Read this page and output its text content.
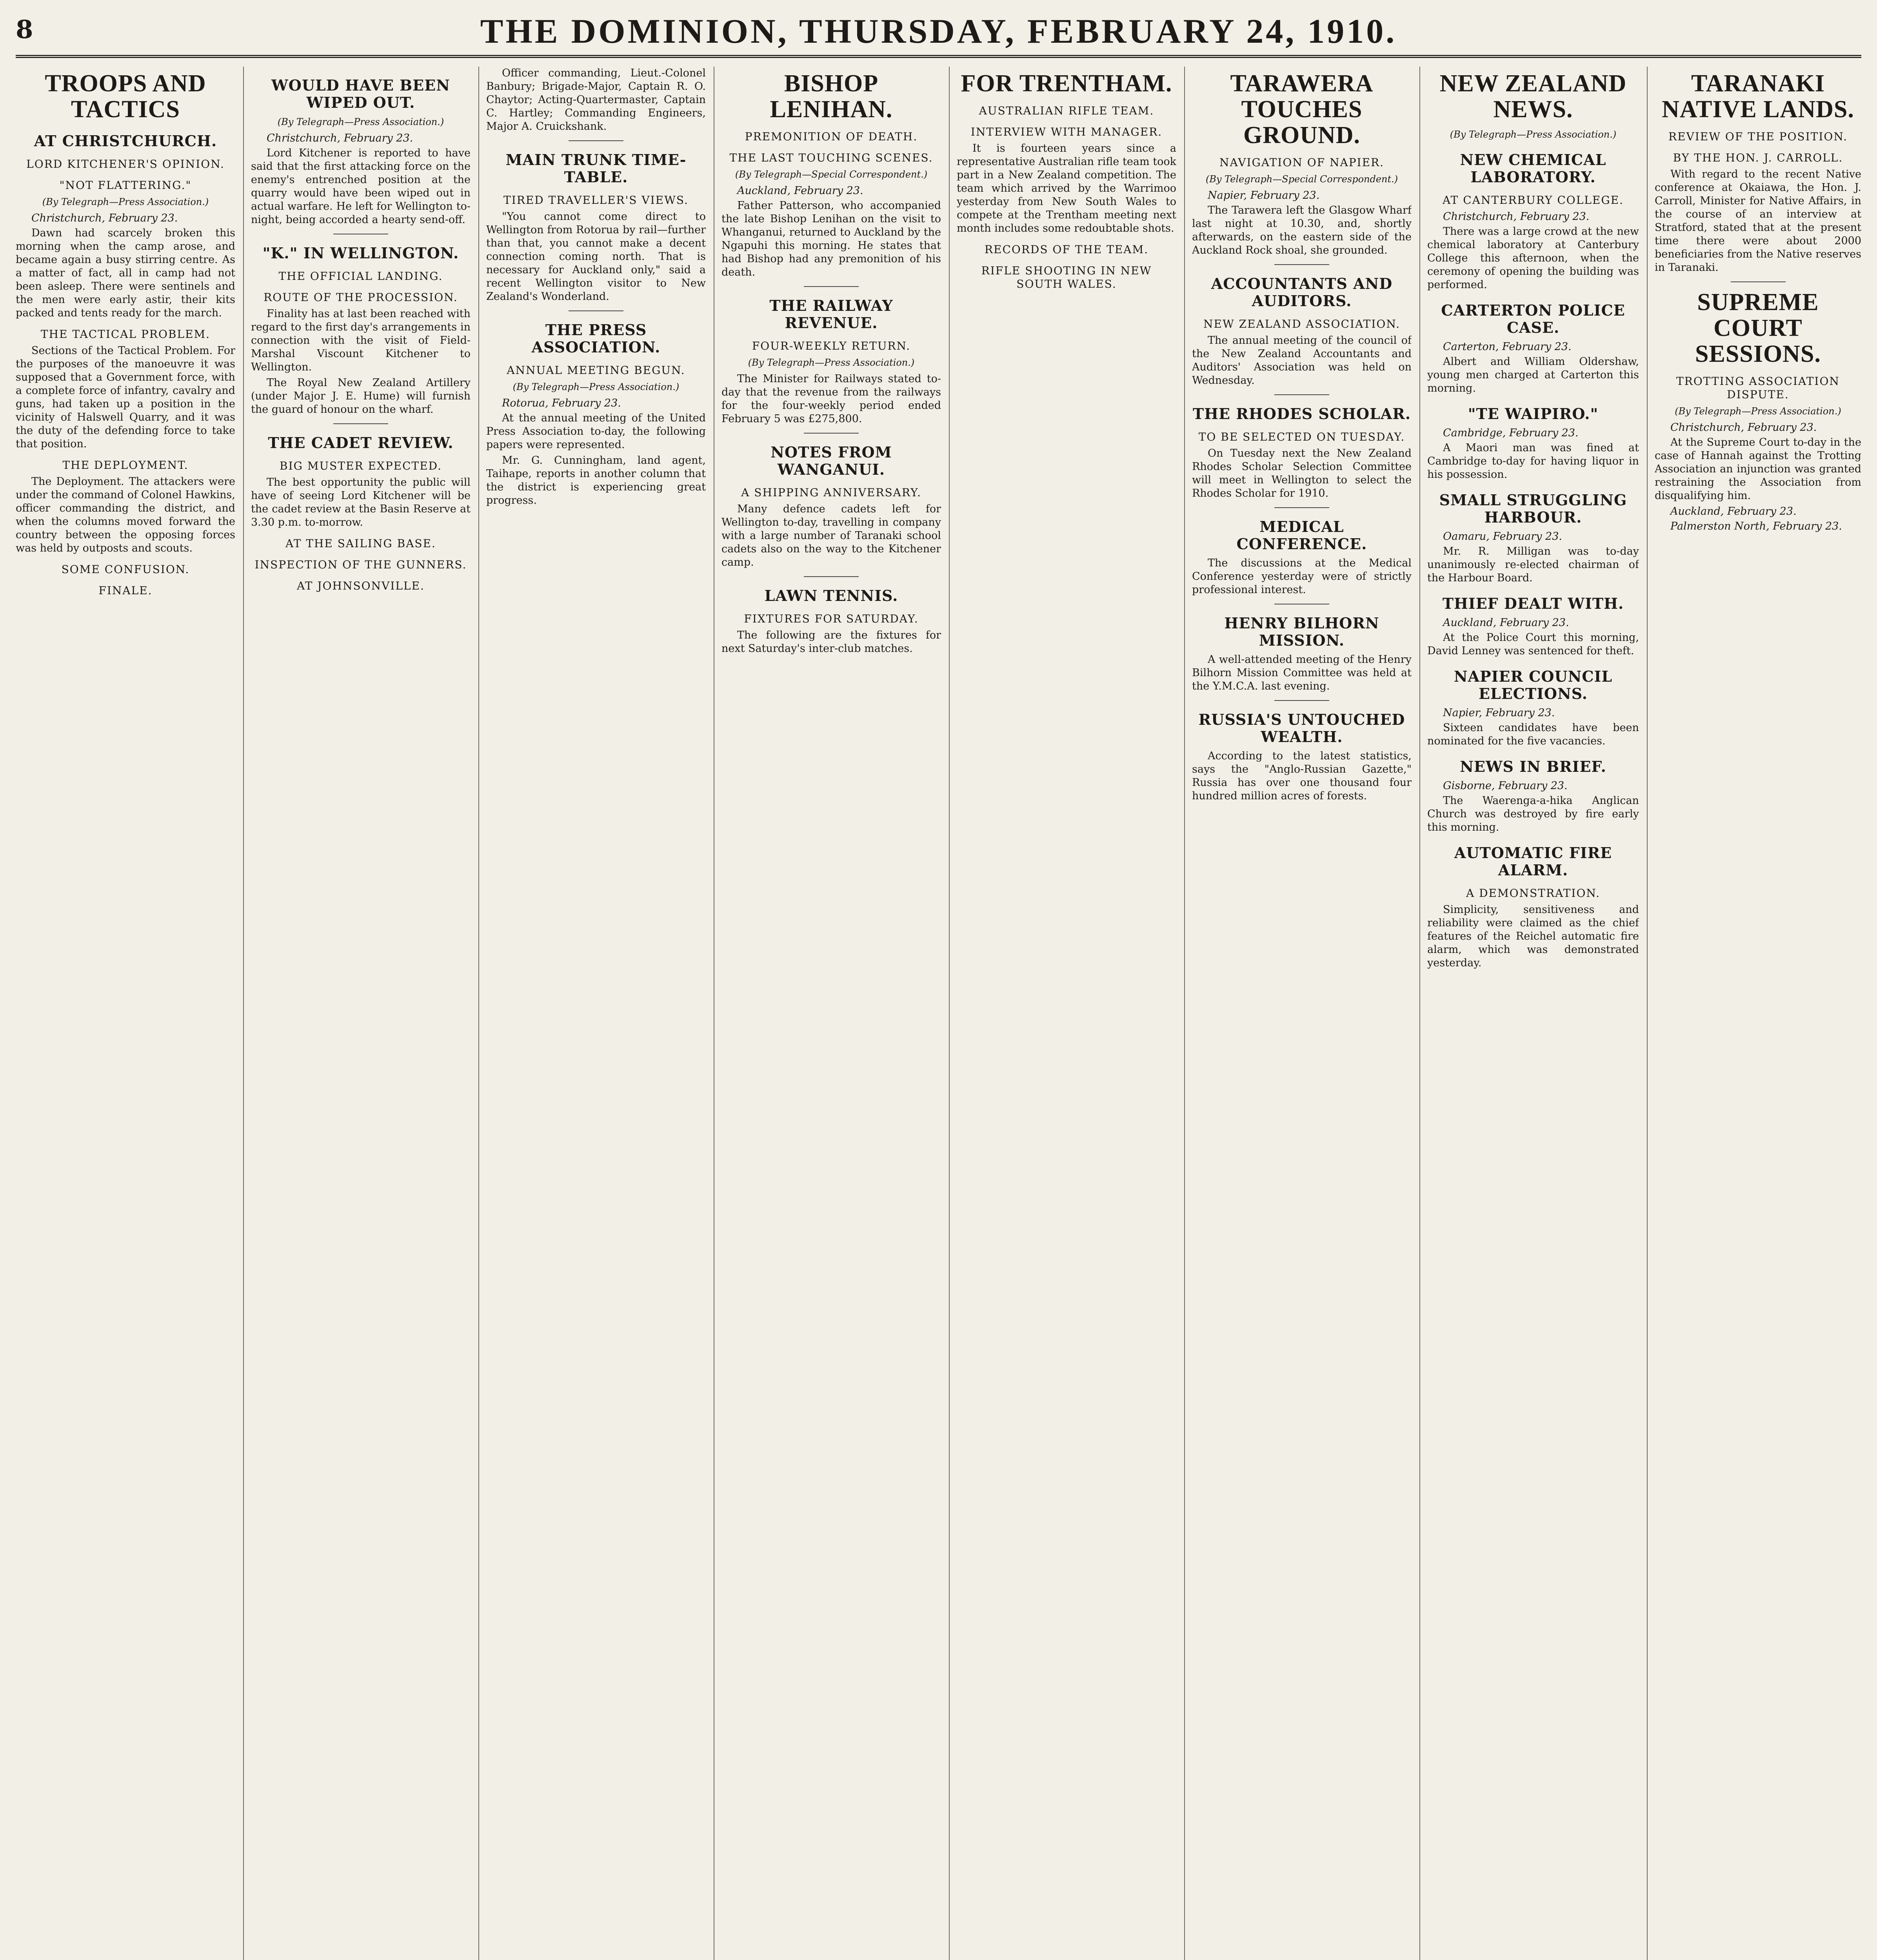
8	THE DOMINION, THURSDAY, FEBRUARY 24, 1910.
TROOPS AND TACTICS
AT CHRISTCHURCH.
LORD KITCHENER'S OPINION.
"NOT FLATTERING."
(By Telegraph—Press Association.)
Christchurch, February 23.

Dawn had scarcely broken this morning when the camp arose, and became again a busy stirring centre. As a matter of fact, all in camp had not been asleep. There were sentinels and the men were early astir, their kits packed and tents ready for the march.

THE TACTICAL PROBLEM.

Sections of the Tactical Problem. For the purposes of the manoeuvre it was supposed that a Government force, with a complete force of infantry, cavalry and guns, had taken up a position in the vicinity of Halswell Quarry, and it was the duty of the defending force to take that position.

THE DEPLOYMENT.

The Deployment. The attackers were under the command of Colonel Hawkins, officer commanding the district, and when the columns moved forward the country between the opposing forces was held by outposts and scouts.

SOME CONFUSION.
FINALE.
WOULD HAVE BEEN WIPED OUT.
(By Telegraph—Press Association.)
Christchurch, February 23.

Lord Kitchener is reported to have said that the first attacking force on the enemy's entrenched position at the quarry would have been wiped out in actual warfare. He left for Wellington to-night, being accorded a hearty send-off.

"K." IN WELLINGTON.
THE OFFICIAL LANDING.
ROUTE OF THE PROCESSION.

Finality has at last been reached with regard to the first day's arrangements in connection with the visit of Field-Marshal Viscount Kitchener to Wellington.

The Royal New Zealand Artillery (under Major J. E. Hume) will furnish the guard of honour on the wharf.

THE CADET REVIEW.
BIG MUSTER EXPECTED.

The best opportunity the public will have of seeing Lord Kitchener will be the cadet review at the Basin Reserve at 3.30 p.m. to-morrow.

AT THE SAILING BASE.
INSPECTION OF THE GUNNERS.
AT JOHNSONVILLE.

Officer commanding, Lieut.-Colonel Banbury; Brigade-Major, Captain R. O. Chaytor; Acting-Quartermaster, Captain C. Hartley; Commanding Engineers, Major A. Cruickshank.

MAIN TRUNK TIME-TABLE.
TIRED TRAVELLER'S VIEWS.

"You cannot come direct to Wellington from Rotorua by rail—further than that, you cannot make a decent connection coming north. That is necessary for Auckland only," said a recent Wellington visitor to New Zealand's Wonderland.

THE PRESS ASSOCIATION.
ANNUAL MEETING BEGUN.
(By Telegraph—Press Association.)
Rotorua, February 23.

At the annual meeting of the United Press Association to-day, the following papers were represented.

Mr. G. Cunningham, land agent, Taihape, reports in another column that the district is experiencing great progress.

BISHOP LENIHAN.
PREMONITION OF DEATH.
THE LAST TOUCHING SCENES.
(By Telegraph—Special Correspondent.)
Auckland, February 23.

Father Patterson, who accompanied the late Bishop Lenihan on the visit to Whanganui, returned to Auckland by the Ngapuhi this morning. He states that had Bishop had any premonition of his death.

THE RAILWAY REVENUE.
FOUR-WEEKLY RETURN.
(By Telegraph—Press Association.)

The Minister for Railways stated to-day that the revenue from the railways for the four-weekly period ended February 5 was £275,800.

NOTES FROM WANGANUI.
A SHIPPING ANNIVERSARY.

Many defence cadets left for Wellington to-day, travelling in company with a large number of Taranaki school cadets also on the way to the Kitchener camp.

LAWN TENNIS.
FIXTURES FOR SATURDAY.

The following are the fixtures for next Saturday's inter-club matches.

FOR TRENTHAM.
AUSTRALIAN RIFLE TEAM.
INTERVIEW WITH MANAGER.

It is fourteen years since a representative Australian rifle team took part in a New Zealand competition. The team which arrived by the Warrimoo yesterday from New South Wales to compete at the Trentham meeting next month includes some redoubtable shots.

RECORDS OF THE TEAM.
RIFLE SHOOTING IN NEW SOUTH WALES.
TARAWERA TOUCHES GROUND.
NAVIGATION OF NAPIER.
(By Telegraph—Special Correspondent.)
Napier, February 23.

The Tarawera left the Glasgow Wharf last night at 10.30, and, shortly afterwards, on the eastern side of the Auckland Rock shoal, she grounded.

ACCOUNTANTS AND AUDITORS.
NEW ZEALAND ASSOCIATION.

The annual meeting of the council of the New Zealand Accountants and Auditors' Association was held on Wednesday.

THE RHODES SCHOLAR.
TO BE SELECTED ON TUESDAY.

On Tuesday next the New Zealand Rhodes Scholar Selection Committee will meet in Wellington to select the Rhodes Scholar for 1910.

MEDICAL CONFERENCE.

The discussions at the Medical Conference yesterday were of strictly professional interest.

HENRY BILHORN MISSION.

A well-attended meeting of the Henry Bilhorn Mission Committee was held at the Y.M.C.A. last evening.

RUSSIA'S UNTOUCHED WEALTH.

According to the latest statistics, says the "Anglo-Russian Gazette," Russia has over one thousand four hundred million acres of forests.

NEW ZEALAND NEWS.
(By Telegraph—Press Association.)
NEW CHEMICAL LABORATORY.
AT CANTERBURY COLLEGE.
Christchurch, February 23.

There was a large crowd at the new chemical laboratory at Canterbury College this afternoon, when the ceremony of opening the building was performed.

CARTERTON POLICE CASE.
Carterton, February 23.

Albert and William Oldershaw, young men charged at Carterton this morning.

"TE WAIPIRO."
Cambridge, February 23.

A Maori man was fined at Cambridge to-day for having liquor in his possession.

SMALL STRUGGLING HARBOUR.
Oamaru, February 23.

Mr. R. Milligan was to-day unanimously re-elected chairman of the Harbour Board.

THIEF DEALT WITH.
Auckland, February 23.

At the Police Court this morning, David Lenney was sentenced for theft.

NAPIER COUNCIL ELECTIONS.
Napier, February 23.

Sixteen candidates have been nominated for the five vacancies.

NEWS IN BRIEF.
Gisborne, February 23.

The Waerenga-a-hika Anglican Church was destroyed by fire early this morning.

AUTOMATIC FIRE ALARM.
A DEMONSTRATION.

Simplicity, sensitiveness and reliability were claimed as the chief features of the Reichel automatic fire alarm, which was demonstrated yesterday.

TARANAKI NATIVE LANDS.
REVIEW OF THE POSITION.
BY THE HON. J. CARROLL.

With regard to the recent Native conference at Okaiawa, the Hon. J. Carroll, Minister for Native Affairs, in the course of an interview at Stratford, stated that at the present time there were about 2000 beneficiaries from the Native reserves in Taranaki.

SUPREME COURT SESSIONS.
TROTTING ASSOCIATION DISPUTE.
(By Telegraph—Press Association.)
Christchurch, February 23.

At the Supreme Court to-day in the case of Hannah against the Trotting Association an injunction was granted restraining the Association from disqualifying him.

Auckland, February 23.
Palmerston North, February 23.
